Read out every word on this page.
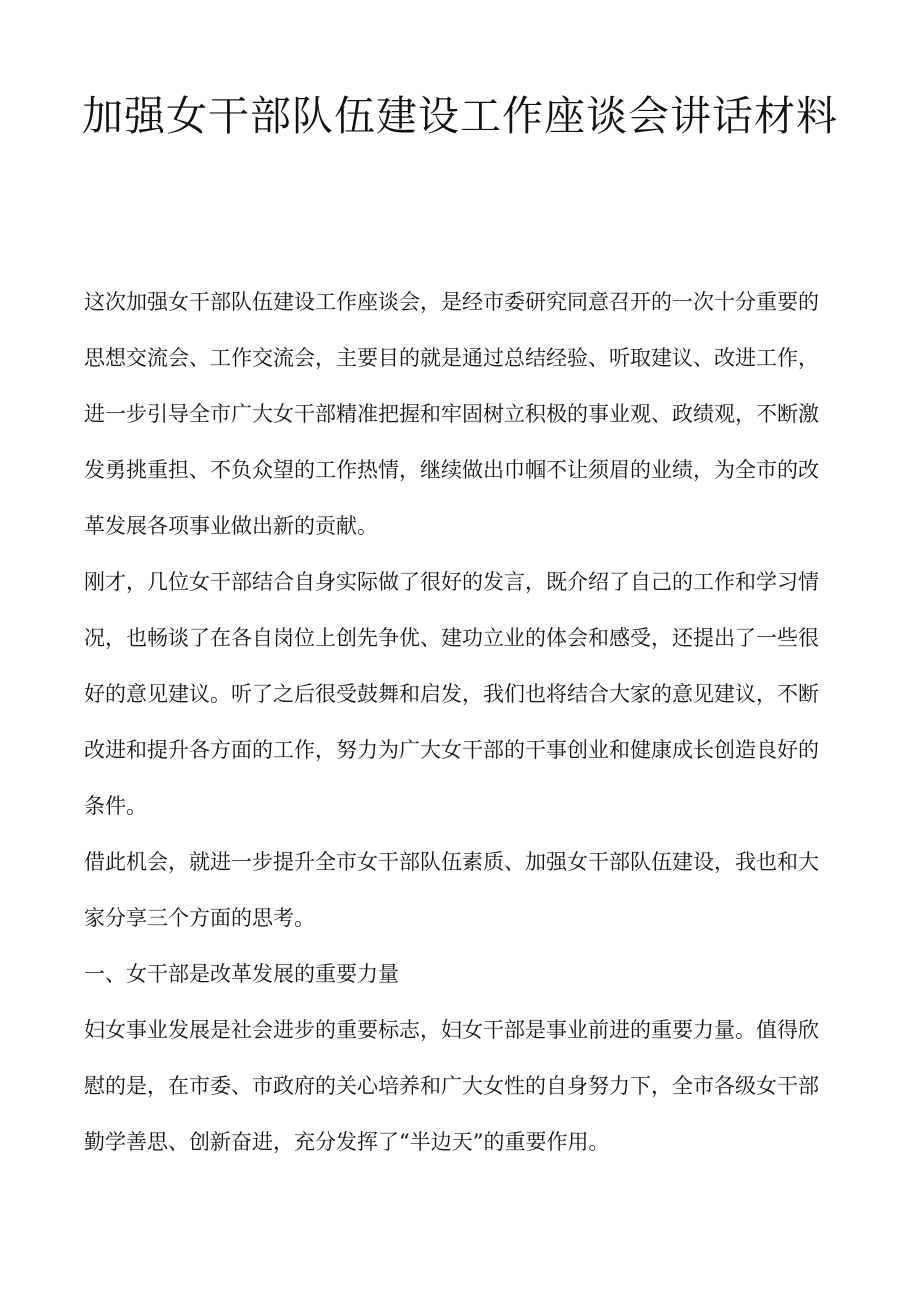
加强女干部队伍建设工作座谈会讲话材料

这次加强女干部队伍建设工作座谈会，是经市委研究同意召开的一次十分重要的
思想交流会、工作交流会，主要目的就是通过总结经验、听取建议、改进工作，
进一步引导全市广大女干部精准把握和牢固树立积极的事业观、政绩观，不断激
发勇挑重担、不负众望的工作热情，继续做出巾帼不让须眉的业绩，为全市的改
革发展各项事业做出新的贡献。

刚才，几位女干部结合自身实际做了很好的发言，既介绍了自己的工作和学习情
况，也畅谈了在各自岗位上创先争优、建功立业的体会和感受，还提出了一些很
好的意见建议。听了之后很受鼓舞和启发，我们也将结合大家的意见建议，不断
改进和提升各方面的工作，努力为广大女干部的干事创业和健康成长创造良好的
条件。

借此机会，就进一步提升全市女干部队伍素质、加强女干部队伍建设，我也和大
家分享三个方面的思考。

一、女干部是改革发展的重要力量

妇女事业发展是社会进步的重要标志，妇女干部是事业前进的重要力量。值得欣
慰的是，在市委、市政府的关心培养和广大女性的自身努力下，全市各级女干部
勤学善思、创新奋进，充分发挥了“半边天”的重要作用。
